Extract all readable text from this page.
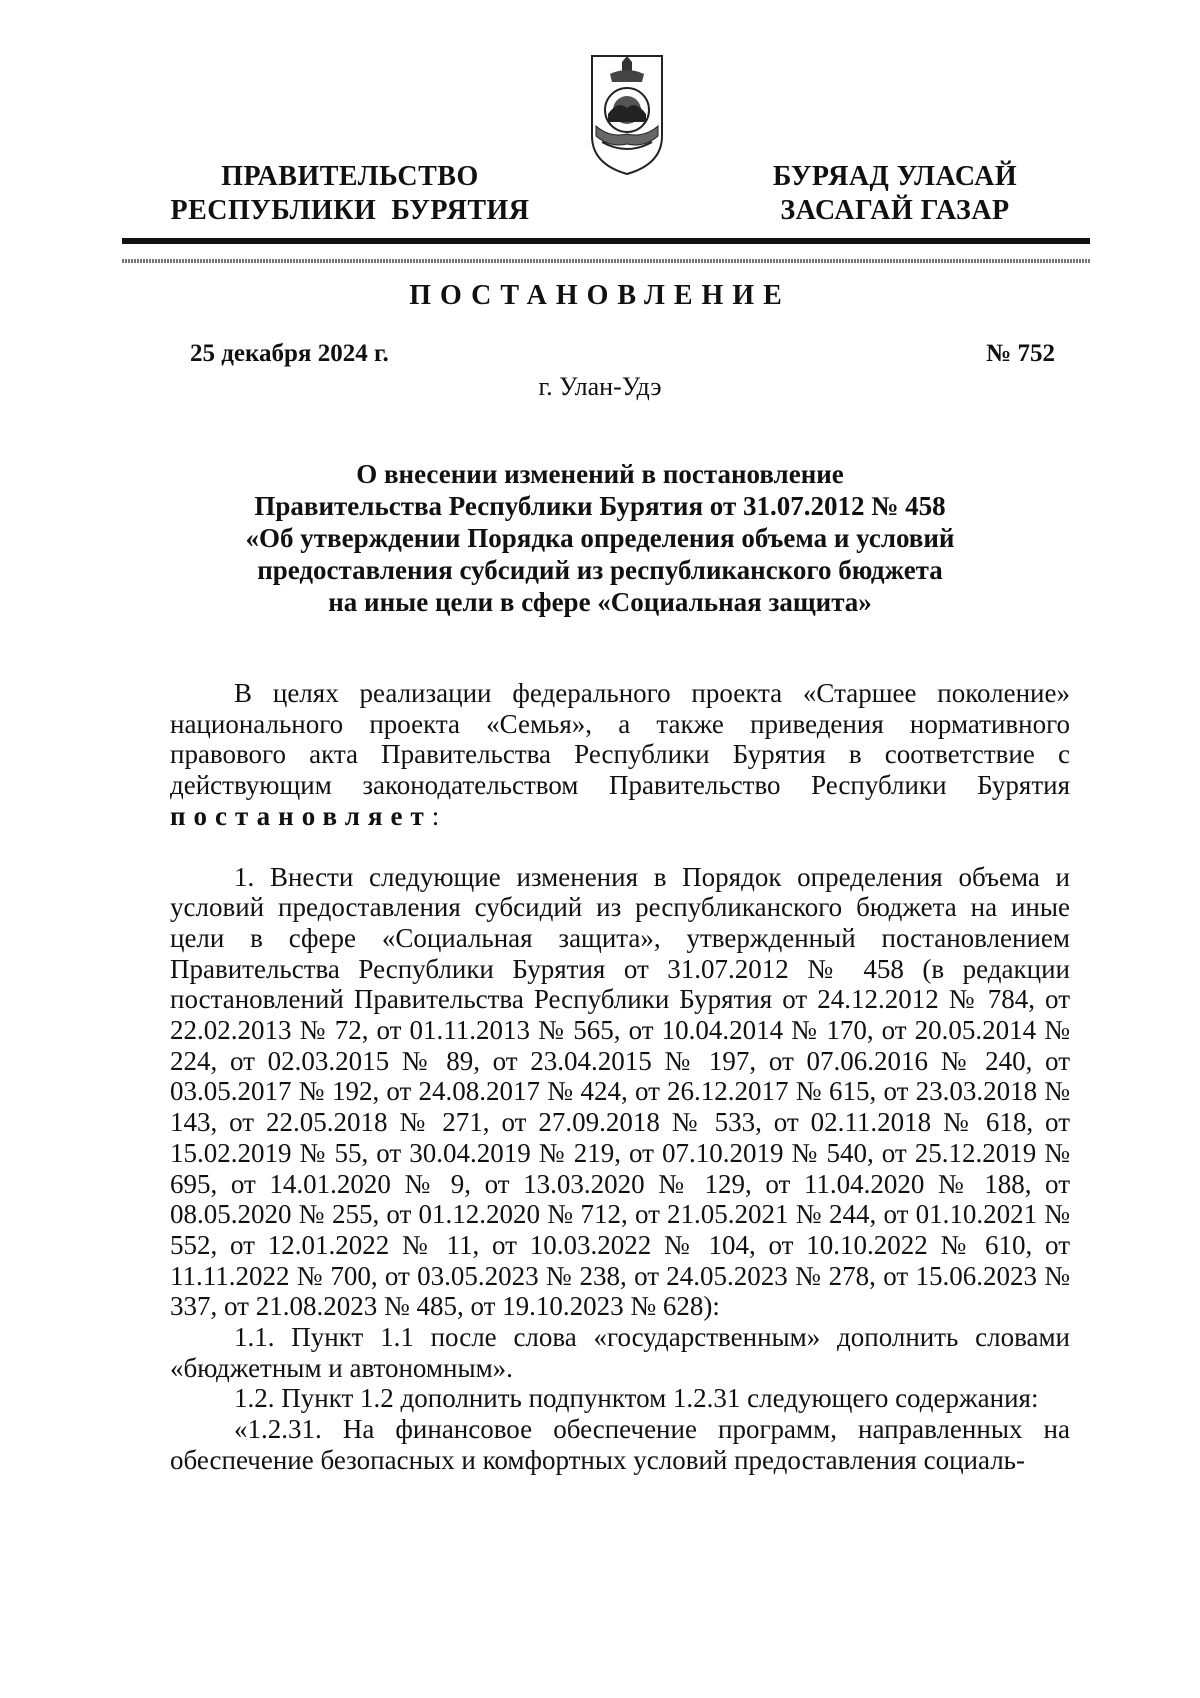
ПРАВИТЕЛЬСТВО
РЕСПУБЛИКИ  БУРЯТИЯ
БУРЯАД УЛАСАЙ
ЗАСАГАЙ ГАЗАР
ПОСТАНОВЛЕНИЕ
25 декабря 2024 г.	№ 752
г. Улан-Удэ
О внесении изменений в постановление
Правительства Республики Бурятия от 31.07.2012 № 458
«Об утверждении Порядка определения объема и условий
предоставления субсидий из республиканского бюджета
на иные цели в сфере «Социальная защита»

В целях реализации федерального проекта «Старшее поколение» национального проекта «Семья», а также приведения нормативного правового акта Правительства Республики Бурятия в соответствие с действующим законодательством Правительство Республики Бурятия постановляет:

1. Внести следующие изменения в Порядок определения объема и условий предоставления субсидий из республиканского бюджета на иные цели в сфере «Социальная защита», утвержденный постановлением Правительства Республики Бурятия от 31.07.2012 № 458 (в редакции постановлений Правительства Республики Бурятия от 24.12.2012 № 784, от 22.02.2013 № 72, от 01.11.2013 № 565, от 10.04.2014 № 170, от 20.05.2014 № 224, от 02.03.2015 № 89, от 23.04.2015 № 197, от 07.06.2016 № 240, от 03.05.2017 № 192, от 24.08.2017 № 424, от 26.12.2017 № 615, от 23.03.2018 № 143, от 22.05.2018 № 271, от 27.09.2018 № 533, от 02.11.2018 № 618, от 15.02.2019 № 55, от 30.04.2019 № 219, от 07.10.2019 № 540, от 25.12.2019 № 695, от 14.01.2020 № 9, от 13.03.2020 № 129, от 11.04.2020 № 188, от 08.05.2020 № 255, от 01.12.2020 № 712, от 21.05.2021 № 244, от 01.10.2021 № 552, от 12.01.2022 № 11, от 10.03.2022 № 104, от 10.10.2022 № 610, от 11.11.2022 № 700, от 03.05.2023 № 238, от 24.05.2023 № 278, от 15.06.2023 № 337, от 21.08.2023 № 485, от 19.10.2023 № 628):

1.1. Пункт 1.1 после слова «государственным» дополнить словами «бюджетным и автономным».

1.2. Пункт 1.2 дополнить подпунктом 1.2.31 следующего содержания:

«1.2.31. На финансовое обеспечение программ, направленных на обеспечение безопасных и комфортных условий предоставления социаль-
